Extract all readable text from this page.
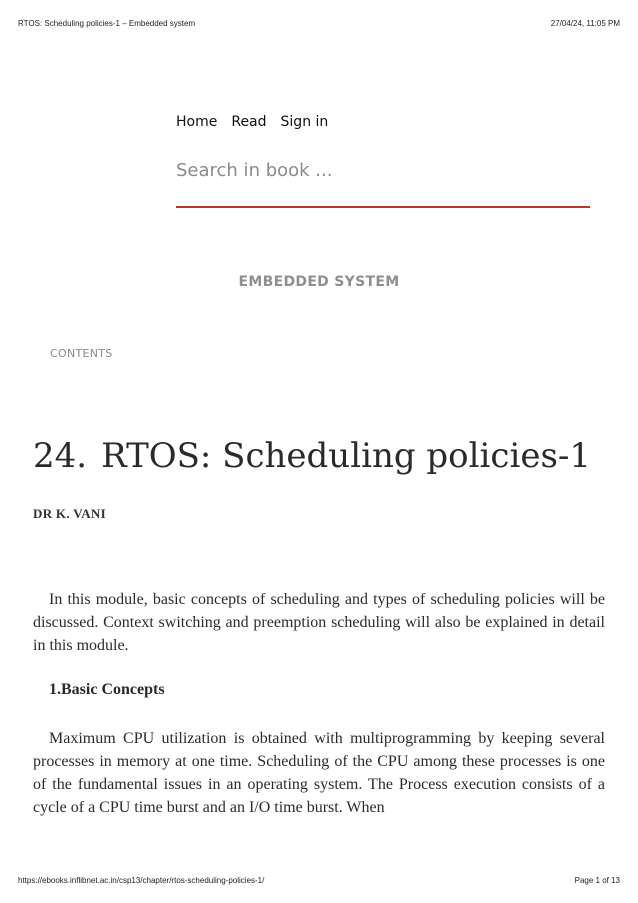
RTOS: Scheduling policies-1 – Embedded system	27/04/24, 11:05 PM
Home Read Sign in
Search in book ...
EMBEDDED SYSTEM
CONTENTS
24. RTOS: Scheduling policies-1
DR K. VANI

In this module, basic concepts of scheduling and types of scheduling policies will be discussed. Context switching and preemption scheduling will also be explained in detail in this module.

1.Basic Concepts

Maximum CPU utilization is obtained with multiprogramming by keeping several processes in memory at one time. Scheduling of the CPU among these processes is one of the fundamental issues in an operating system. The Process execution consists of a cycle of a CPU time burst and an I/O time burst. When

https://ebooks.inflibnet.ac.in/csp13/chapter/rtos-scheduling-policies-1/	Page 1 of 13
